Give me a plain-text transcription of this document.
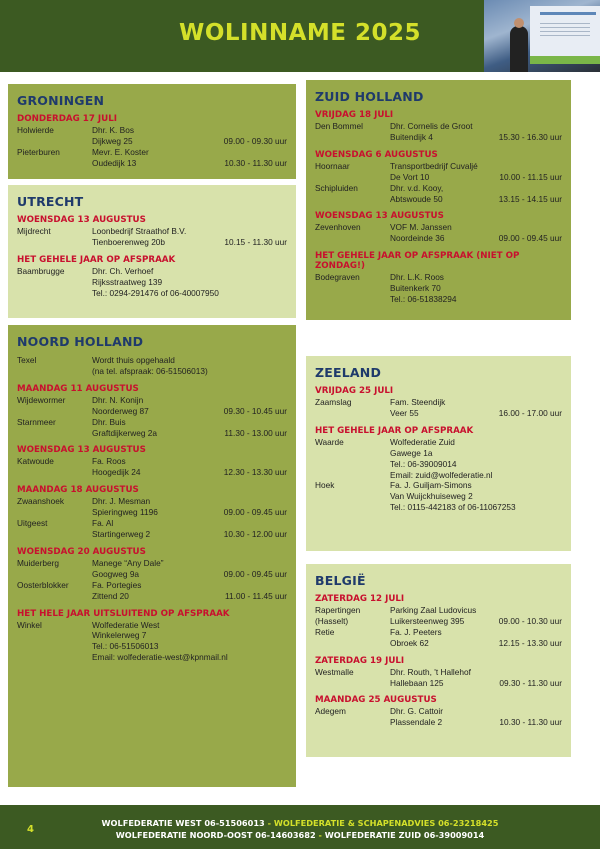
WOLINNAME 2025
GRONINGEN
DONDERDAG 17 JULI
Holwierde	Dhr. K. Bos
Dijkweg 25	09.00 - 09.30 uur
Pieterburen	Mevr. E. Koster
Oudedijk 13	10.30 - 11.30 uur
UTRECHT
WOENSDAG 13 AUGUSTUS
Mijdrecht	Loonbedrijf Straathof B.V.
Tienboerenweg 20b	10.15 - 11.30 uur
HET GEHELE JAAR OP AFSPRAAK
Baambrugge	Dhr. Ch. Verhoef
Rijksstraatweg 139
Tel.: 0294-291476 of 06-40007950
NOORD HOLLAND
Texel	Wordt thuis opgehaald
(na tel. afspraak: 06-51506013)
MAANDAG 11 AUGUSTUS
Wijdewormer	Dhr. N. Konijn
Noorderweg 87	09.30 - 10.45 uur
Starnmeer	Dhr. Buis
Graftdijkerweg 2a	11.30 - 13.00 uur
WOENSDAG 13 AUGUSTUS
Katwoude	Fa. Roos
Hoogedijk 24	12.30 - 13.30 uur
MAANDAG 18 AUGUSTUS
Zwaanshoek	Dhr. J. Mesman
Spieringweg 1196	09.00 - 09.45 uur
Uitgeest	Fa. Al
Startingerweg 2	10.30 - 12.00 uur
WOENSDAG 20 AUGUSTUS
Muiderberg	Manege “Any Dale”
Googweg 9a	09.00 - 09.45 uur
Oosterblokker	Fa. Portegies
Zittend 20	11.00 - 11.45 uur
HET HELE JAAR UITSLUITEND OP AFSPRAAK
Winkel	Wolfederatie West
Winkelerweg 7
Tel.: 06-51506013
Email: wolfederatie-west@kpnmail.nl
ZUID HOLLAND
VRIJDAG 18 JULI
Den Bommel	Dhr. Cornelis de Groot
Buitendijk 4	15.30 - 16.30 uur
WOENSDAG 6 AUGUSTUS
Hoornaar	Transportbedrijf Cuvaljé
De Vort 10	10.00 - 11.15 uur
Schipluiden	Dhr. v.d. Kooy,
Abtswoude 50	13.15 - 14.15 uur
WOENSDAG 13 AUGUSTUS
Zevenhoven	VOF M. Janssen
Noordeinde 36	09.00 - 09.45 uur
HET GEHELE JAAR OP AFSPRAAK (NIET OP ZONDAG!)
Bodegraven	Dhr. L.K. Roos
Buitenkerk 70
Tel.: 06-51838294
ZEELAND
VRIJDAG 25 JULI
Zaamslag	Fam. Steendijk
Veer 55	16.00 - 17.00 uur
HET GEHELE JAAR OP AFSPRAAK
Waarde	Wolfederatie Zuid
Gawege 1a
Tel.: 06-39009014
Email: zuid@wolfederatie.nl
Hoek	Fa. J. Guiljam-Simons
Van Wuijckhuiseweg 2
Tel.: 0115-442183 of 06-11067253
BELGIË
ZATERDAG 12 JULI
Rapertingen	Parking Zaal Ludovicus
(Hasselt)	Luikersteenweg 395	09.00 - 10.30 uur
Retie	Fa. J. Peeters
Obroek 62	12.15 - 13.30 uur
ZATERDAG 19 JULI
Westmalle	Dhr. Routh, 't Hallehof
Hallebaan 125	09.30 - 11.30 uur
MAANDAG 25 AUGUSTUS
Adegem	Dhr. G. Cattoir
Plassendale 2	10.30 - 11.30 uur
4
WOLFEDERATIE WEST 06-51506013 - WOLFEDERATIE & SCHAPENADVIES 06-23218425
WOLFEDERATIE NOORD-OOST 06-14603682 - WOLFEDERATIE ZUID 06-39009014
